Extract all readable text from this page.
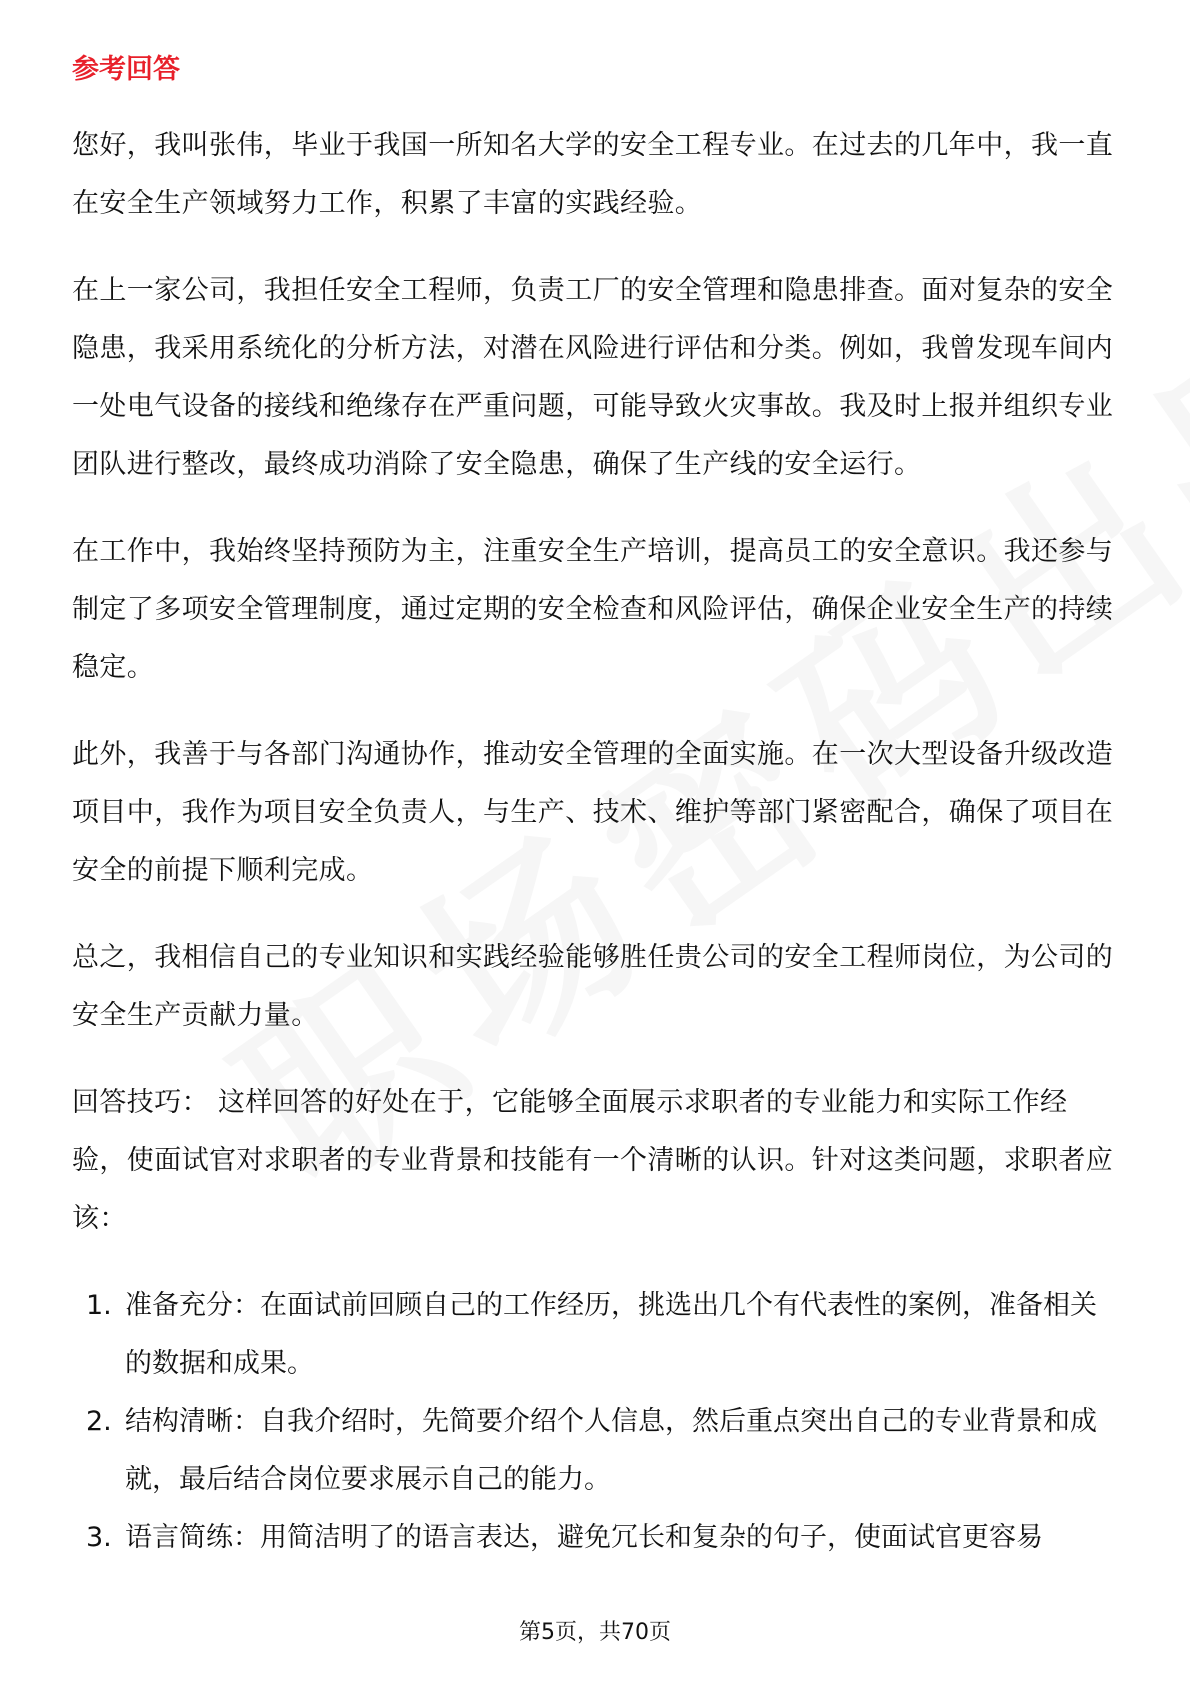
参考回答

您好，我叫张伟，毕业于我国一所知名大学的安全工程专业。在过去的几年中，我一直在安全生产领域努力工作，积累了丰富的实践经验。

在上一家公司，我担任安全工程师，负责工厂的安全管理和隐患排查。面对复杂的安全隐患，我采用系统化的分析方法，对潜在风险进行评估和分类。例如，我曾发现车间内一处电气设备的接线和绝缘存在严重问题，可能导致火灾事故。我及时上报并组织专业团队进行整改，最终成功消除了安全隐患，确保了生产线的安全运行。

在工作中，我始终坚持预防为主，注重安全生产培训，提高员工的安全意识。我还参与制定了多项安全管理制度，通过定期的安全检查和风险评估，确保企业安全生产的持续稳定。

此外，我善于与各部门沟通协作，推动安全管理的全面实施。在一次大型设备升级改造项目中，我作为项目安全负责人，与生产、技术、维护等部门紧密配合，确保了项目在安全的前提下顺利完成。

总之，我相信自己的专业知识和实践经验能够胜任贵公司的安全工程师岗位，为公司的安全生产贡献力量。

回答技巧： 这样回答的好处在于，它能够全面展示求职者的专业能力和实际工作经验，使面试官对求职者的专业背景和技能有一个清晰的认识。针对这类问题，求职者应该：

1. 准备充分：在面试前回顾自己的工作经历，挑选出几个有代表性的案例，准备相关的数据和成果。
2. 结构清晰：自我介绍时，先简要介绍个人信息，然后重点突出自己的专业背景和成就，最后结合岗位要求展示自己的能力。
3. 语言简练：用简洁明了的语言表达，避免冗长和复杂的句子，使面试官更容易
第5页，共70页
